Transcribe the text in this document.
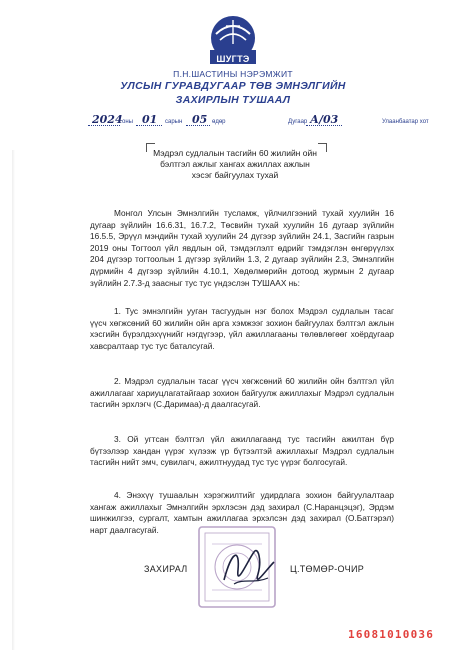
ШУГТЭ
П.Н.ШАСТИНЫ НЭРЭМЖИТ
УЛСЫН ГУРАВДУГААР ТӨВ ЭМНЭЛГИЙН
ЗАХИРЛЫН ТУШААЛ
2024 оны 01 сарын 05 өдөр	Дугаар А/03	Улаанбаатар хот
Мэдрэл судлалын тасгийн 60 жилийн ойн бэлтгэл ажлыг хангах ажиллах ажлын хэсэг байгуулах тухай
Монгол Улсын Эмнэлгийн тусламж, үйлчилгээний тухай хуулийн 16 дугаар зүйлийн 16.6.31, 16.7.2, Төсвийн тухай хуулийн 16 дугаар зүйлийн 16.5.5, Эрүүл мэндийн тухай хуулийн 24 дүгээр зүйлийн 24.1, Засгийн газрын 2019 оны Тогтоол үйл явдлын ой, тэмдэглэлт өдрийг тэмдэглэн өнгөрүүлэх 204 дүгээр тогтоолын 1 дүгээр зүйлийн 1.3, 2 дугаар зүйлийн 2.3, Эмнэлгийн дүрмийн 4 дүгээр зүйлийн 4.10.1, Хөдөлмөрийн дотоод журмын 2 дугаар зүйлийн 2.7.3-д заасныг тус тус үндэслэн ТУШААХ нь:
1. Тус эмнэлгийн ууган тасгуудын нэг болох Мэдрэл судлалын тасаг үүсч хөгжсөний 60 жилийн ойн арга хэмжээг зохион байгуулах бэлтгэл ажлын хэсгийн бүрэлдэхүүнийг нэгдүгээр, үйл ажиллагааны төлөвлөгөөг хоёрдугаар хавсралтаар тус тус баталсугай.
2. Мэдрэл судлалын тасаг үүсч хөгжсөний 60 жилийн ойн бэлтгэл үйл ажиллагааг хариуцлагатайгаар зохион байгуулж ажиллахыг Мэдрэл судлалын тасгийн эрхлэгч (С.Даримаа)-д даалгасугай.
3. Ой угтсан бэлтгэл үйл ажиллагаанд тус тасгийн ажилтан бүр бүтээлээр хандан үүрэг хүлээж үр бүтээлтэй ажиллахыг Мэдрэл судлалын тасгийн нийт эмч, сувилагч, ажилтнуудад тус тус үүрэг болгосугай.
4. Энэхүү тушаалын хэрэгжилтийг удирдлага зохион байгуулалтаар хангаж ажиллахыг Эмнэлгийн эрхлэсэн дэд захирал (С.Наранцэцэг), Эрдэм шинжилгээ, сургалт, хамтын ажиллагаа эрхэлсэн дэд захирал (О.Батгэрэл) нарт даалгасугай.
ЗАХИРАЛ	Ц.ТӨМӨР-ОЧИР
16081010036
